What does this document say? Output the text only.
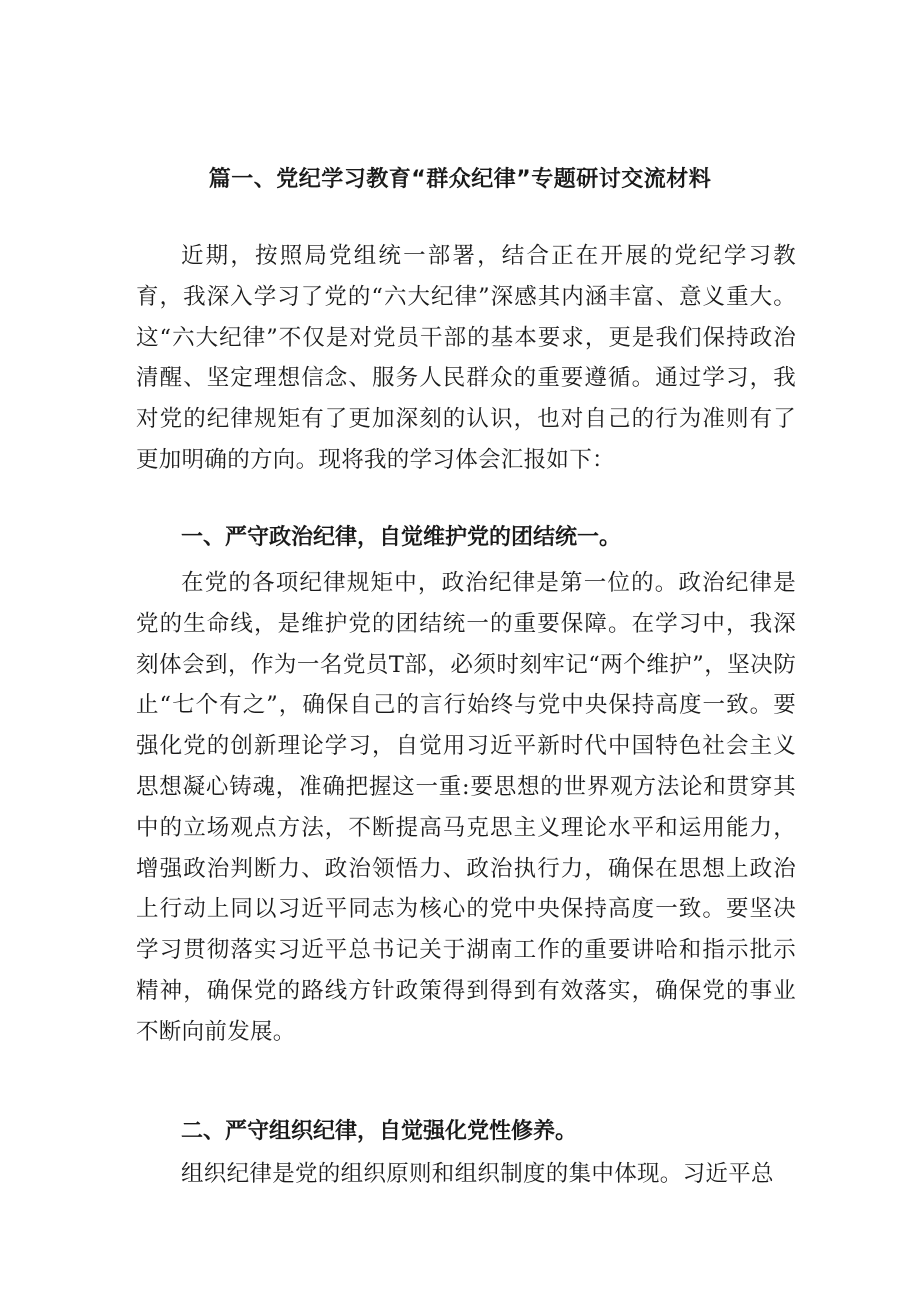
篇一、党纪学习教育“群众纪律”专题研讨交流材料

近期，按照局党组统一部署，结合正在开展的党纪学习教育，我深入学习了党的“六大纪律”深感其内涵丰富、意义重大。这“六大纪律”不仅是对党员干部的基本要求，更是我们保持政治清醒、坚定理想信念、服务人民群众的重要遵循。通过学习，我对党的纪律规矩有了更加深刻的认识，也对自己的行为准则有了更加明确的方向。现将我的学习体会汇报如下：

一、严守政治纪律，自觉维护党的团结统一。

在党的各项纪律规矩中，政治纪律是第一位的。政治纪律是党的生命线，是维护党的团结统一的重要保障。在学习中，我深刻体会到，作为一名党员T部，必须时刻牢记“两个维护”，坚决防止“七个有之”，确保自己的言行始终与党中央保持高度一致。要强化党的创新理论学习，自觉用习近平新时代中国特色社会主义思想凝心铸魂，准确把握这一重:要思想的世界观方法论和贯穿其中的立场观点方法，不断提高马克思主义理论水平和运用能力，增强政治判断力、政治领悟力、政治执行力，确保在思想上政治上行动上同以习近平同志为核心的党中央保持高度一致。要坚决学习贯彻落实习近平总书记关于湖南工作的重要讲哈和指示批示精神，确保党的路线方针政策得到得到有效落实，确保党的事业不断向前发展。

二、严守组织纪律，自觉强化党性修养。

组织纪律是党的组织原则和组织制度的集中体现。习近平总
